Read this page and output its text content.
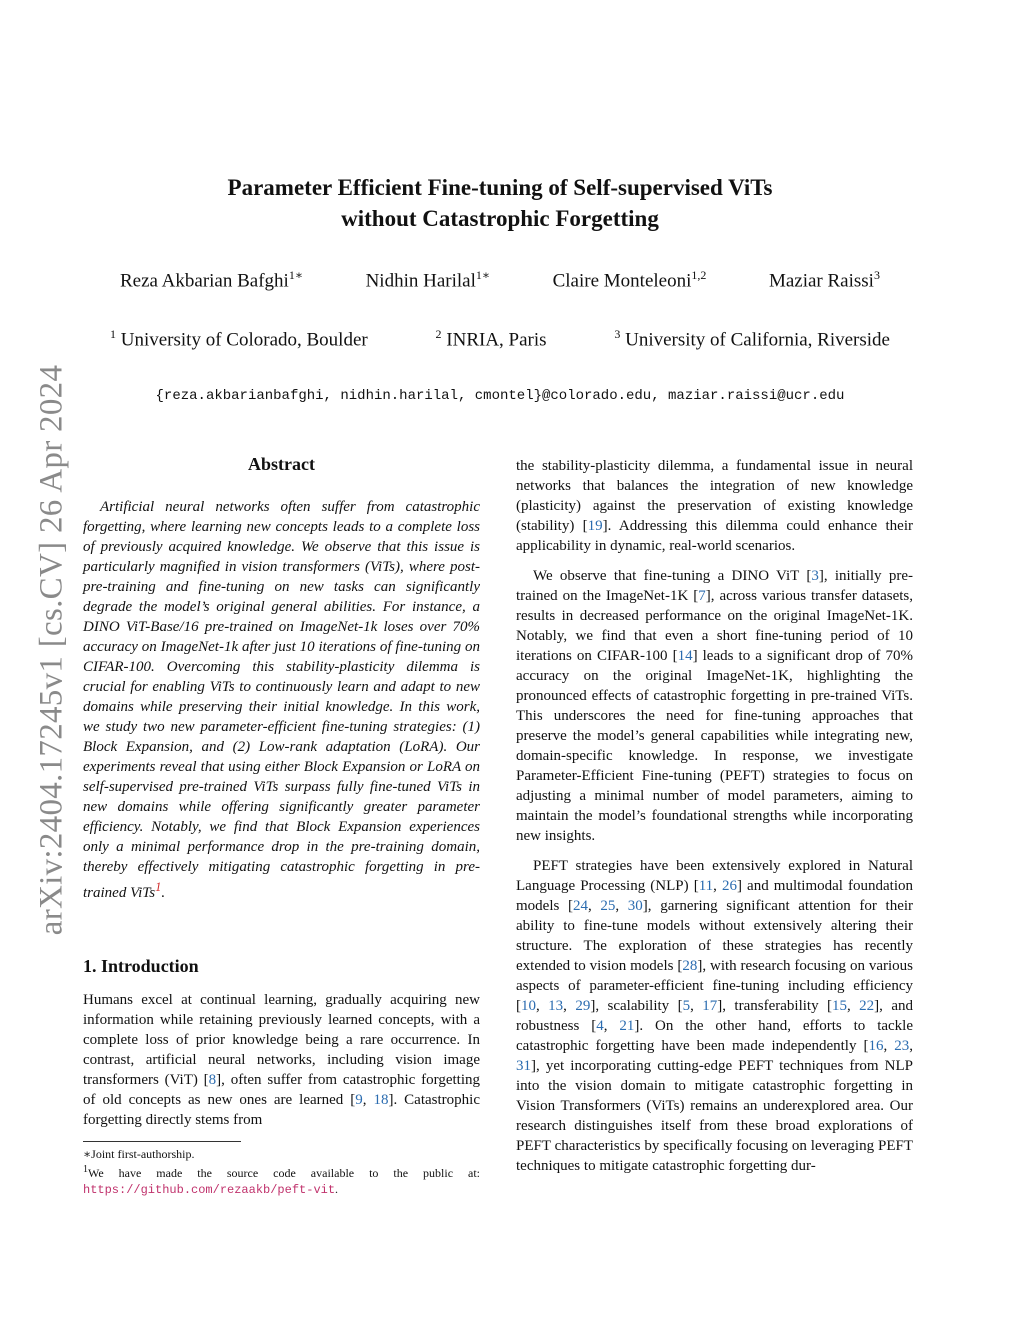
arXiv:2404.17245v1 [cs.CV] 26 Apr 2024
Parameter Efficient Fine-tuning of Self-supervised ViTs
without Catastrophic Forgetting
Reza Akbarian Bafghi$^{1∗}$	Nidhin Harilal$^{1∗}$	Claire Monteleoni$^{1,2}$	Maziar Raissi$^3$
$^1$ University of Colorado, Boulder	$^2$ INRIA, Paris	$^3$ University of California, Riverside
{reza.akbarianbafghi, nidhin.harilal, cmontel}@colorado.edu, maziar.raissi@ucr.edu
Abstract
Artificial neural networks often suffer from catastrophic forgetting, where learning new concepts leads to a complete loss of previously acquired knowledge. We observe that this issue is particularly magnified in vision transformers (ViTs), where post-pre-training and fine-tuning on new tasks can significantly degrade the model’s original general abilities. For instance, a DINO ViT-Base/16 pre-trained on ImageNet-1k loses over 70% accuracy on ImageNet-1k after just 10 iterations of fine-tuning on CIFAR-100. Overcoming this stability-plasticity dilemma is crucial for enabling ViTs to continuously learn and adapt to new domains while preserving their initial knowledge. In this work, we study two new parameter-efficient fine-tuning strategies: (1) Block Expansion, and (2) Low-rank adaptation (LoRA). Our experiments reveal that using either Block Expansion or LoRA on self-supervised pre-trained ViTs surpass fully fine-tuned ViTs in new domains while offering significantly greater parameter efficiency. Notably, we find that Block Expansion experiences only a minimal performance drop in the pre-training domain, thereby effectively mitigating catastrophic forgetting in pre-trained ViTs$^1$.
1. Introduction
Humans excel at continual learning, gradually acquiring new information while retaining previously learned concepts, with a complete loss of prior knowledge being a rare occurrence. In contrast, artificial neural networks, including vision image transformers (ViT) [8], often suffer from catastrophic forgetting of old concepts as new ones are learned [9, 18]. Catastrophic forgetting directly stems from

the stability-plasticity dilemma, a fundamental issue in neural networks that balances the integration of new knowledge (plasticity) against the preservation of existing knowledge (stability) [19]. Addressing this dilemma could enhance their applicability in dynamic, real-world scenarios.

We observe that fine-tuning a DINO ViT [3], initially pre-trained on the ImageNet-1K [7], across various transfer datasets, results in decreased performance on the original ImageNet-1K. Notably, we find that even a short fine-tuning period of 10 iterations on CIFAR-100 [14] leads to a significant drop of 70% accuracy on the original ImageNet-1K, highlighting the pronounced effects of catastrophic forgetting in pre-trained ViTs. This underscores the need for fine-tuning approaches that preserve the model’s general capabilities while integrating new, domain-specific knowledge. In response, we investigate Parameter-Efficient Fine-tuning (PEFT) strategies to focus on adjusting a minimal number of model parameters, aiming to maintain the model’s foundational strengths while incorporating new insights.

PEFT strategies have been extensively explored in Natural Language Processing (NLP) [11, 26] and multimodal foundation models [24, 25, 30], garnering significant attention for their ability to fine-tune models without extensively altering their structure. The exploration of these strategies has recently extended to vision models [28], with research focusing on various aspects of parameter-efficient fine-tuning including efficiency [10, 13, 29], scalability [5, 17], transferability [15, 22], and robustness [4, 21]. On the other hand, efforts to tackle catastrophic forgetting have been made independently [16, 23, 31], yet incorporating cutting-edge PEFT techniques from NLP into the vision domain to mitigate catastrophic forgetting in Vision Transformers (ViTs) remains an underexplored area. Our research distinguishes itself from these broad explorations of PEFT characteristics by specifically focusing on leveraging PEFT techniques to mitigate catastrophic forgetting dur-

∗Joint first-authorship.
$^1$We have made the source code available to the public at: https://github.com/rezaakb/peft-vit.
